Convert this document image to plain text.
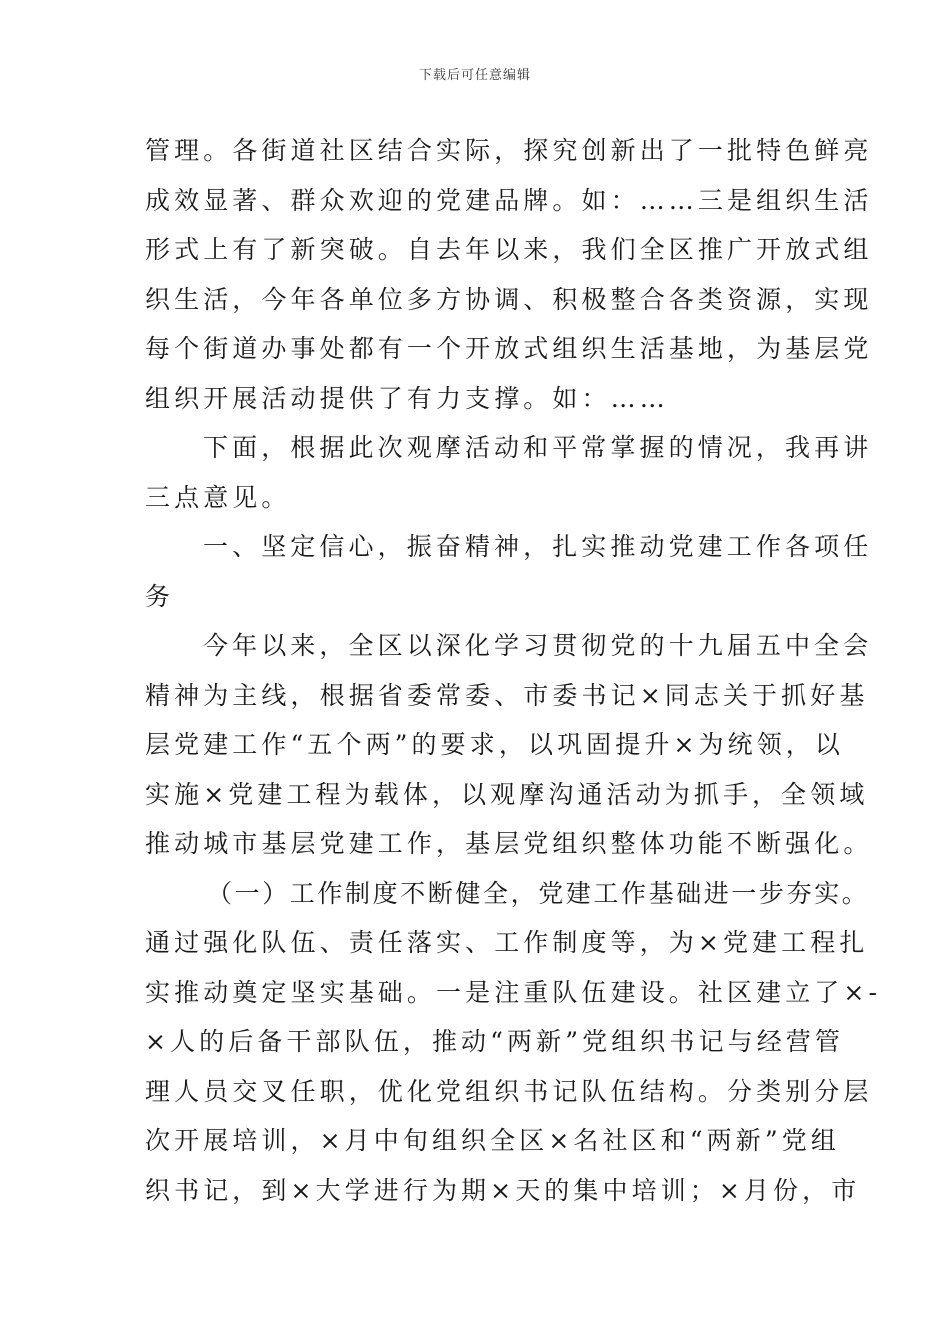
下载后可任意编辑
管理。各街道社区结合实际，探究创新出了一批特色鲜亮
成效显著、群众欢迎的党建品牌。如：……三是组织生活
形式上有了新突破。自去年以来，我们全区推广开放式组
织生活，今年各单位多方协调、积极整合各类资源，实现
每个街道办事处都有一个开放式组织生活基地，为基层党
组织开展活动提供了有力支撑。如：……
下面，根据此次观摩活动和平常掌握的情况，我再讲
三点意见。
一、坚定信心，振奋精神，扎实推动党建工作各项任
务
今年以来，全区以深化学习贯彻党的十九届五中全会
精神为主线，根据省委常委、市委书记×同志关于抓好基
层党建工作“五个两”的要求，以巩固提升×为统领，以
实施×党建工程为载体，以观摩沟通活动为抓手，全领域
推动城市基层党建工作，基层党组织整体功能不断强化。
（一）工作制度不断健全，党建工作基础进一步夯实。
通过强化队伍、责任落实、工作制度等，为×党建工程扎
实推动奠定坚实基础。一是注重队伍建设。社区建立了×-
×人的后备干部队伍，推动“两新”党组织书记与经营管
理人员交叉任职，优化党组织书记队伍结构。分类别分层
次开展培训，×月中旬组织全区×名社区和“两新”党组
织书记，到×大学进行为期×天的集中培训；×月份，市
